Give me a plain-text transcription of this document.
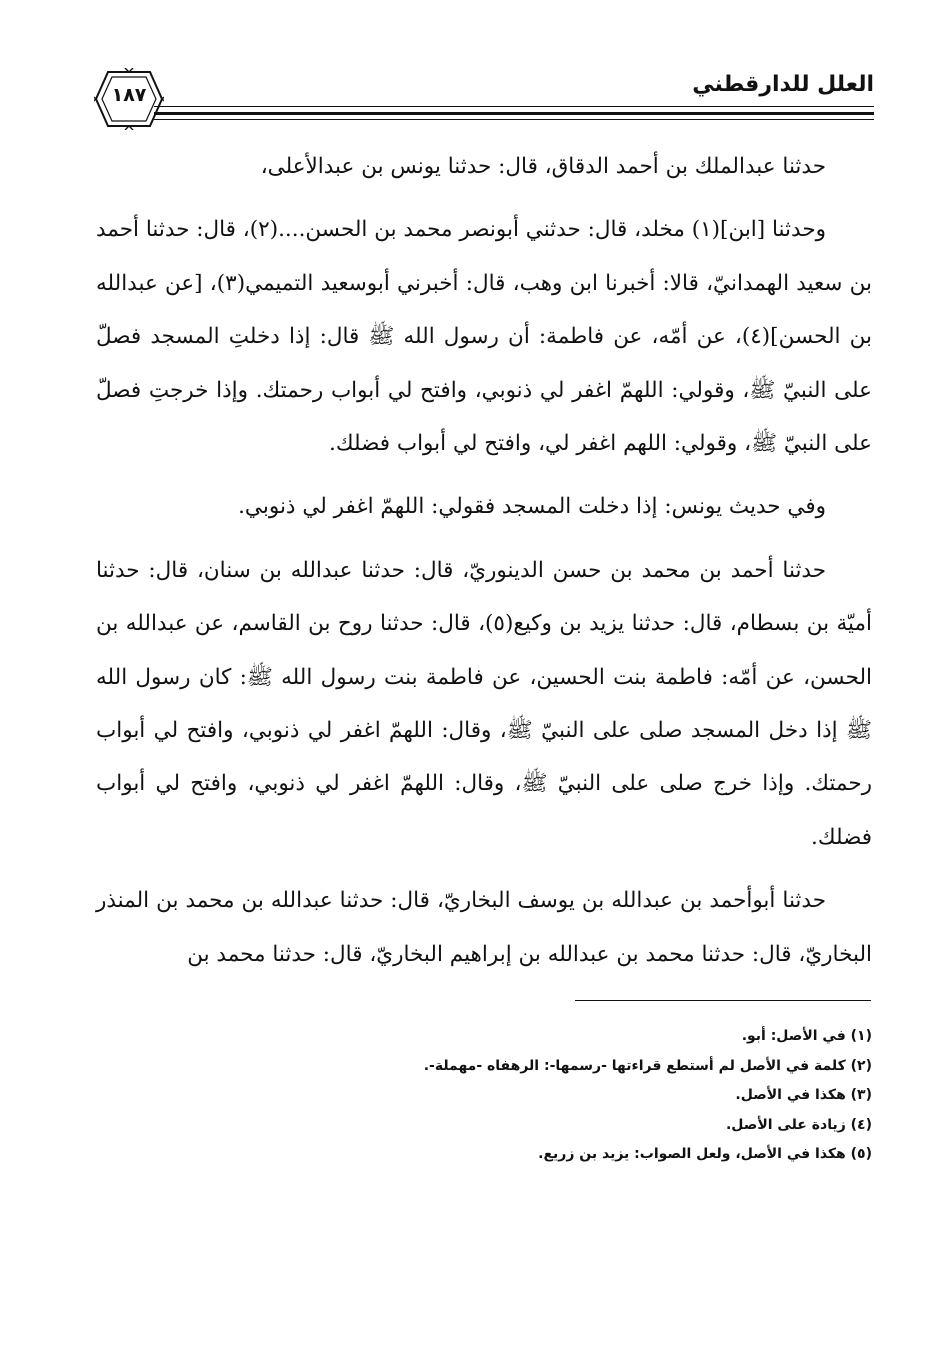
العلل للدارقطني
١٨٧

حدثنا عبدالملك بن أحمد الدقاق، قال: حدثنا يونس بن عبدالأعلى،

وحدثنا [ابن](١) مخلد، قال: حدثني أبونصر محمد بن الحسن....(٢)، قال: حدثنا أحمد بن سعيد الهمدانيّ، قالا: أخبرنا ابن وهب، قال: أخبرني أبوسعيد التميمي(٣)، [عن عبدالله بن الحسن](٤)، عن أمّه، عن فاطمة: أن رسول الله ﷺ قال: إذا دخلتِ المسجد فصلّ على النبيّ ﷺ، وقولي: اللهمّ اغفر لي ذنوبي، وافتح لي أبواب رحمتك. وإذا خرجتِ فصلّ على النبيّ ﷺ، وقولي: اللهم اغفر لي، وافتح لي أبواب فضلك.

وفي حديث يونس: إذا دخلت المسجد فقولي: اللهمّ اغفر لي ذنوبي.

حدثنا أحمد بن محمد بن حسن الدينوريّ، قال: حدثنا عبدالله بن سنان، قال: حدثنا أميّة بن بسطام، قال: حدثنا يزيد بن وكيع(٥)، قال: حدثنا روح بن القاسم، عن عبدالله بن الحسن، عن أمّه: فاطمة بنت الحسين، عن فاطمة بنت رسول الله ﷺ: كان رسول الله ﷺ إذا دخل المسجد صلى على النبيّ ﷺ، وقال: اللهمّ اغفر لي ذنوبي، وافتح لي أبواب رحمتك. وإذا خرج صلى على النبيّ ﷺ، وقال: اللهمّ اغفر لي ذنوبي، وافتح لي أبواب فضلك.

حدثنا أبوأحمد بن عبدالله بن يوسف البخاريّ، قال: حدثنا عبدالله بن محمد بن المنذر البخاريّ، قال: حدثنا محمد بن عبدالله بن إبراهيم البخاريّ، قال: حدثنا محمد بن

(١) في الأصل: أبو.

(٢) كلمة في الأصل لم أستطع قراءتها -رسمها-: الرهفاه -مهملة-.

(٣) هكذا في الأصل.

(٤) زيادة على الأصل.

(٥) هكذا في الأصل، ولعل الصواب: يزيد بن زريع.
